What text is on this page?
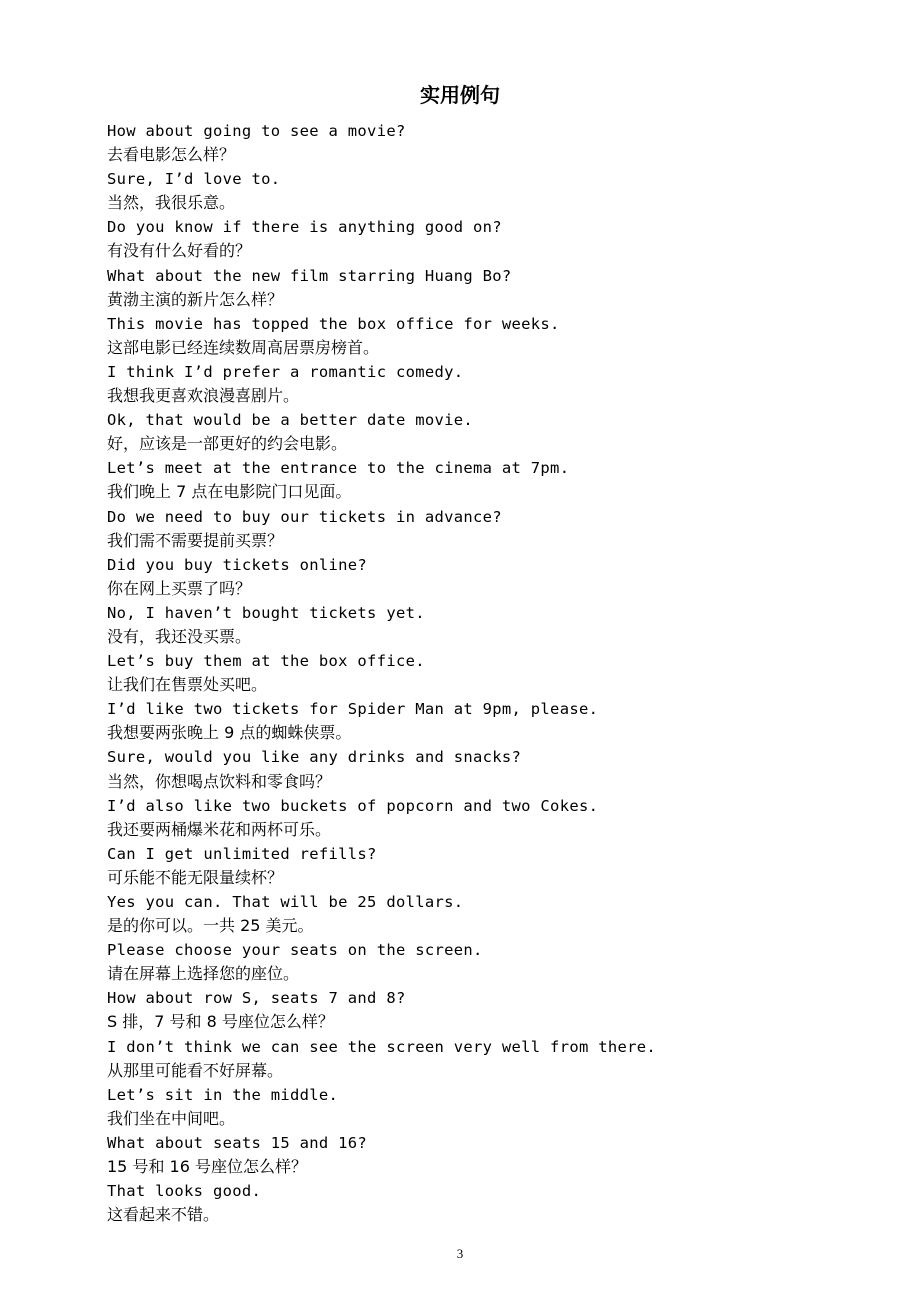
实用例句
How about going to see a movie?
去看电影怎么样？
Sure, I’d love to.
当然，我很乐意。
Do you know if there is anything good on?
有没有什么好看的？
What about the new film starring Huang Bo?
黄渤主演的新片怎么样？
This movie has topped the box office for weeks.
这部电影已经连续数周高居票房榜首。
I think I’d prefer a romantic comedy.
我想我更喜欢浪漫喜剧片。
Ok, that would be a better date movie.
好，应该是一部更好的约会电影。
Let’s meet at the entrance to the cinema at 7pm.
我们晚上 7 点在电影院门口见面。
Do we need to buy our tickets in advance?
我们需不需要提前买票？
Did you buy tickets online?
你在网上买票了吗？
No, I haven’t bought tickets yet.
没有，我还没买票。
Let’s buy them at the box office.
让我们在售票处买吧。
I’d like two tickets for Spider Man at 9pm, please.
我想要两张晚上 9 点的蜘蛛侠票。
Sure, would you like any drinks and snacks?
当然，你想喝点饮料和零食吗？
I’d also like two buckets of popcorn and two Cokes.
我还要两桶爆米花和两杯可乐。
Can I get unlimited refills?
可乐能不能无限量续杯？
Yes you can. That will be 25 dollars.
是的你可以。一共 25 美元。
Please choose your seats on the screen.
请在屏幕上选择您的座位。
How about row S, seats 7 and 8?
S 排，7 号和 8 号座位怎么样？
I don’t think we can see the screen very well from there.
从那里可能看不好屏幕。
Let’s sit in the middle.
我们坐在中间吧。
What about seats 15 and 16?
15 号和 16 号座位怎么样？
That looks good.
这看起来不错。
3
